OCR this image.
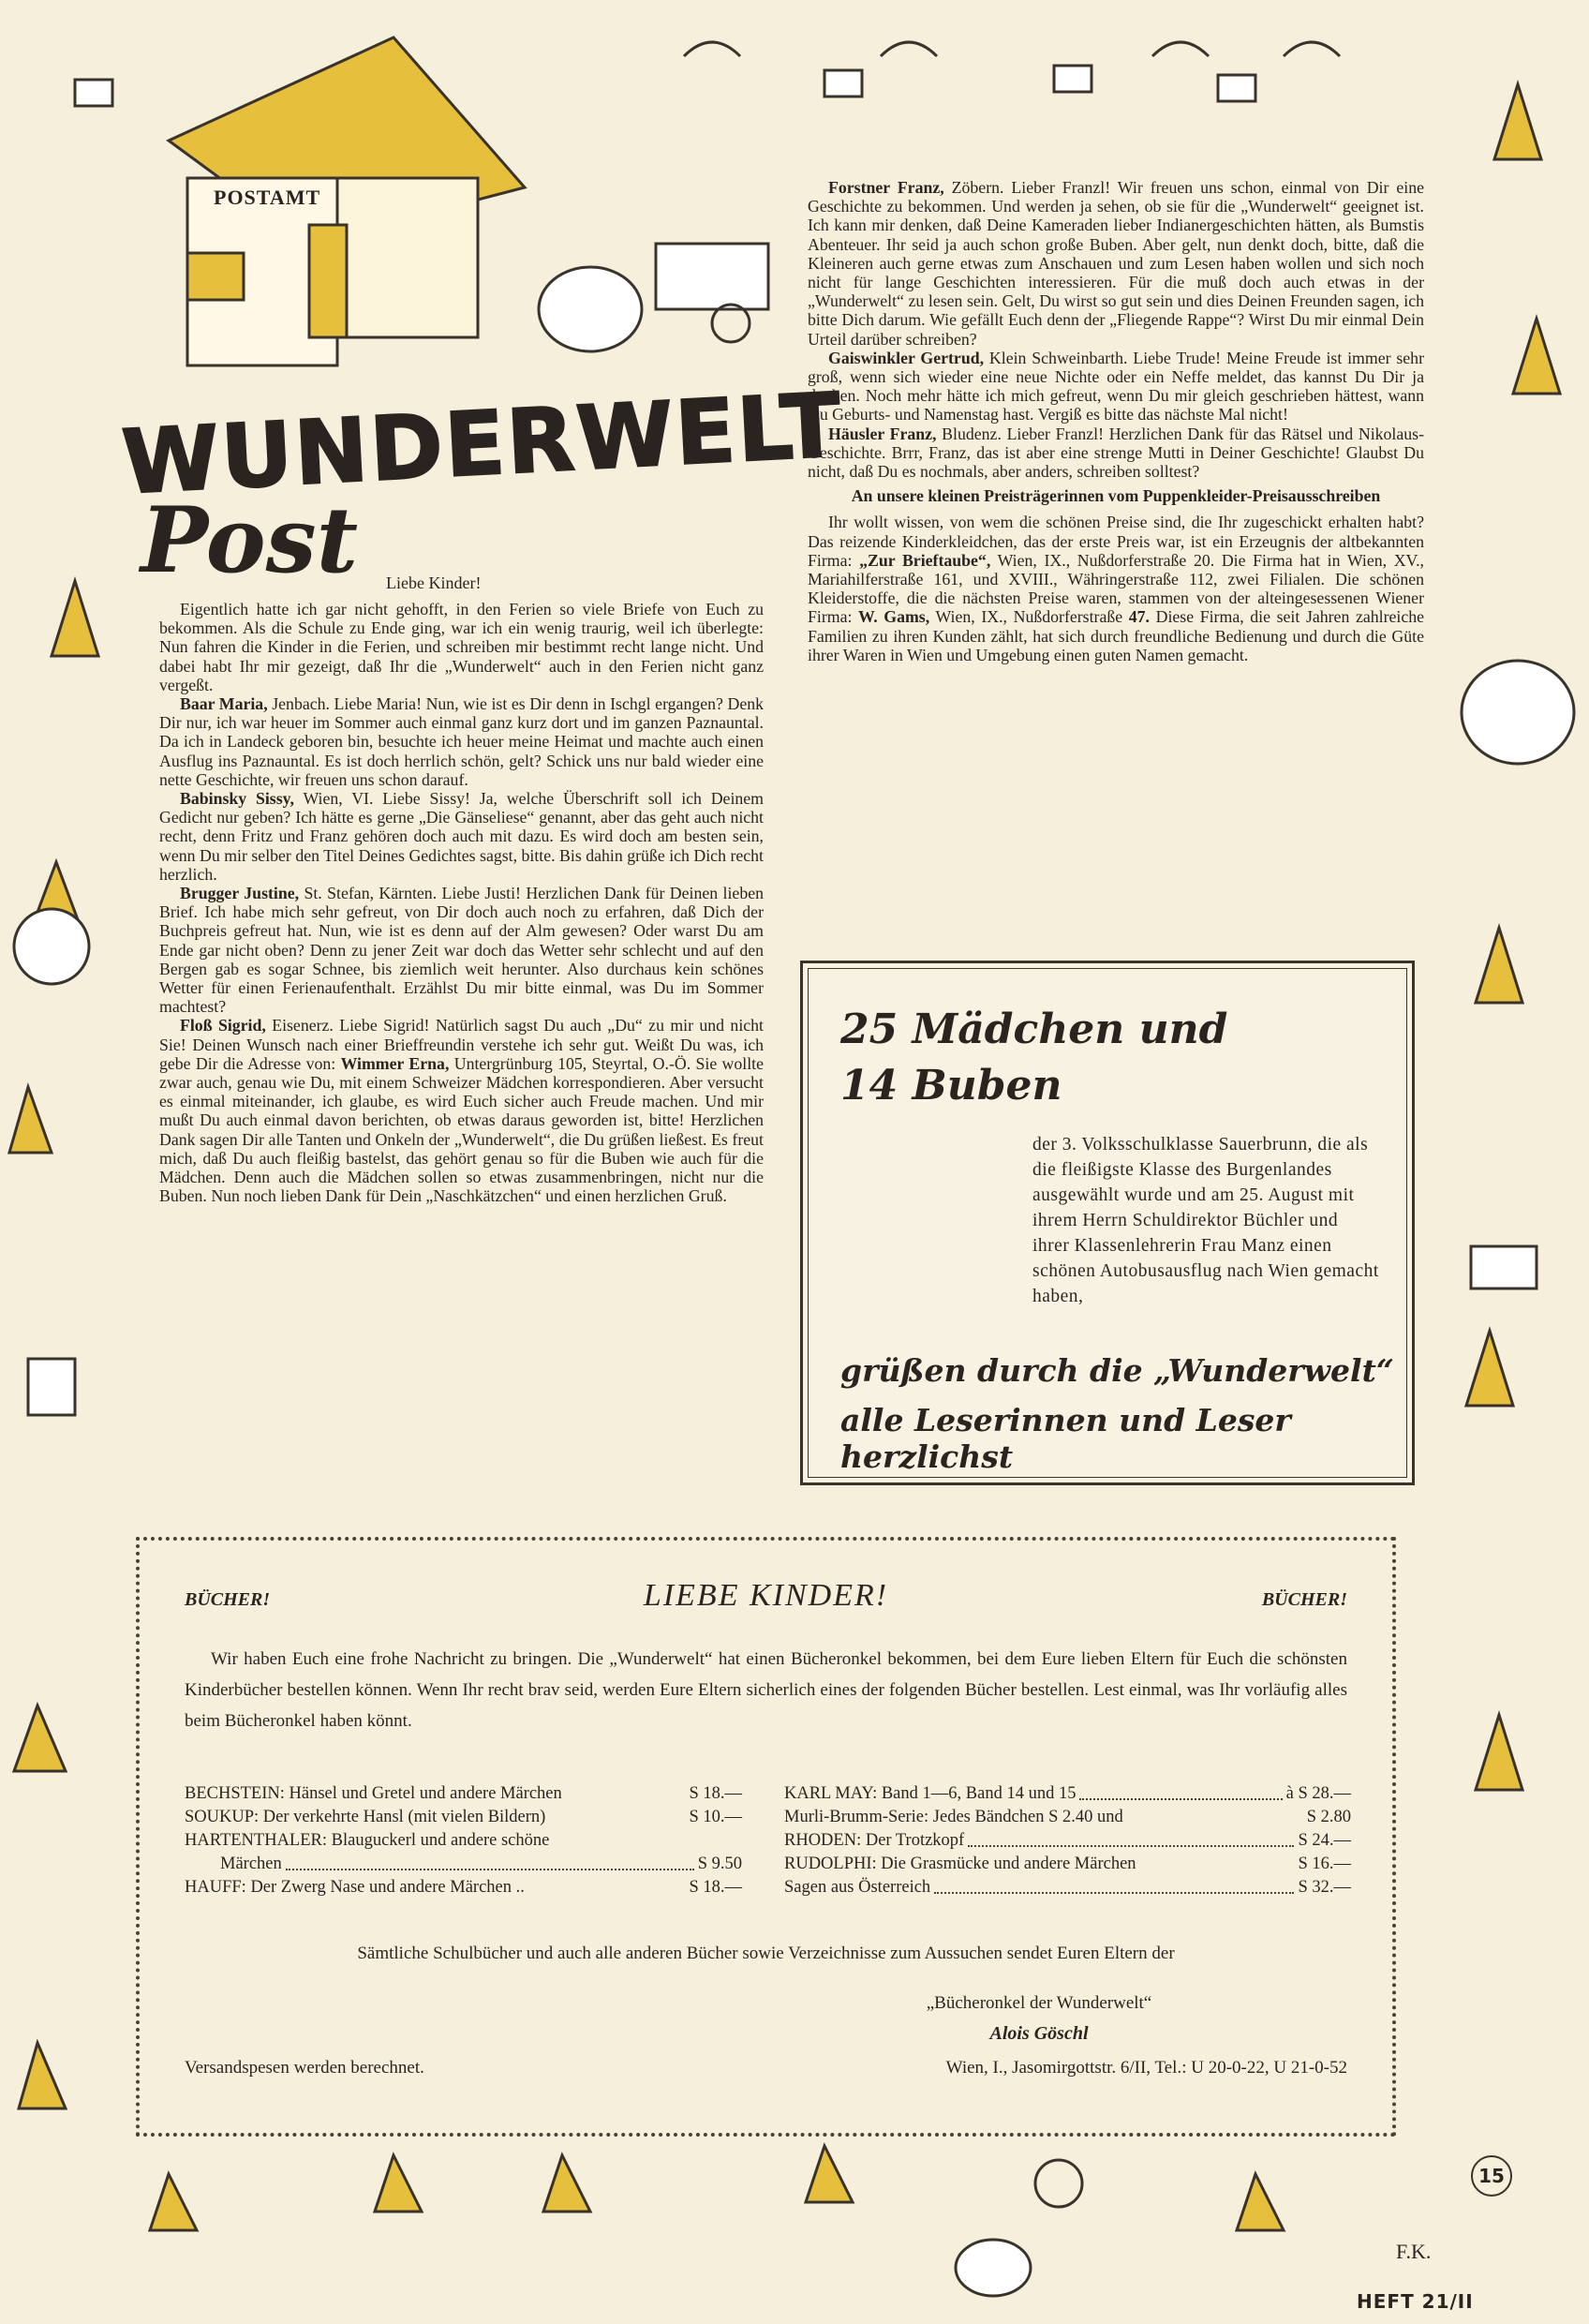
POSTAMT
WUNDERWELT
Post Liebe Kinder!

Eigentlich hatte ich gar nicht gehofft, in den Ferien so viele Briefe von Euch zu bekommen. Als die Schule zu Ende ging, war ich ein wenig traurig, weil ich überlegte: Nun fahren die Kinder in die Ferien, und schreiben mir bestimmt recht lange nicht. Und dabei habt Ihr mir gezeigt, daß Ihr die „Wunderwelt“ auch in den Ferien nicht ganz vergeßt.

Baar Maria, Jenbach. Liebe Maria! Nun, wie ist es Dir denn in Ischgl ergangen? Denk Dir nur, ich war heuer im Sommer auch einmal ganz kurz dort und im ganzen Paznauntal. Da ich in Landeck geboren bin, besuchte ich heuer meine Heimat und machte auch einen Ausflug ins Paznauntal. Es ist doch herrlich schön, gelt? Schick uns nur bald wieder eine nette Geschichte, wir freuen uns schon darauf.

Babinsky Sissy, Wien, VI. Liebe Sissy! Ja, welche Überschrift soll ich Deinem Gedicht nur geben? Ich hätte es gerne „Die Gänseliese“ genannt, aber das geht auch nicht recht, denn Fritz und Franz gehören doch auch mit dazu. Es wird doch am besten sein, wenn Du mir selber den Titel Deines Gedichtes sagst, bitte. Bis dahin grüße ich Dich recht herzlich.

Brugger Justine, St. Stefan, Kärnten. Liebe Justi! Herzlichen Dank für Deinen lieben Brief. Ich habe mich sehr gefreut, von Dir doch auch noch zu erfahren, daß Dich der Buchpreis gefreut hat. Nun, wie ist es denn auf der Alm gewesen? Oder warst Du am Ende gar nicht oben? Denn zu jener Zeit war doch das Wetter sehr schlecht und auf den Bergen gab es sogar Schnee, bis ziemlich weit herunter. Also durchaus kein schönes Wetter für einen Ferienaufenthalt. Erzählst Du mir bitte einmal, was Du im Sommer machtest?

Floß Sigrid, Eisenerz. Liebe Sigrid! Natürlich sagst Du auch „Du“ zu mir und nicht Sie! Deinen Wunsch nach einer Brieffreundin verstehe ich sehr gut. Weißt Du was, ich gebe Dir die Adresse von: Wimmer Erna, Untergrünburg 105, Steyrtal, O.-Ö. Sie wollte zwar auch, genau wie Du, mit einem Schweizer Mädchen korrespondieren. Aber versucht es einmal miteinander, ich glaube, es wird Euch sicher auch Freude machen. Und mir mußt Du auch einmal davon berichten, ob etwas daraus geworden ist, bitte! Herzlichen Dank sagen Dir alle Tanten und Onkeln der „Wunderwelt“, die Du grüßen ließest. Es freut mich, daß Du auch fleißig bastelst, das gehört genau so für die Buben wie auch für die Mädchen. Denn auch die Mädchen sollen so etwas zusammenbringen, nicht nur die Buben. Nun noch lieben Dank für Dein „Naschkätzchen“ und einen herzlichen Gruß.

Forstner Franz, Zöbern. Lieber Franzl! Wir freuen uns schon, einmal von Dir eine Geschichte zu bekommen. Und werden ja sehen, ob sie für die „Wunderwelt“ geeignet ist. Ich kann mir denken, daß Deine Kameraden lieber Indianergeschichten hätten, als Bumstis Abenteuer. Ihr seid ja auch schon große Buben. Aber gelt, nun denkt doch, bitte, daß die Kleineren auch gerne etwas zum Anschauen und zum Lesen haben wollen und sich noch nicht für lange Geschichten interessieren. Für die muß doch auch etwas in der „Wunderwelt“ zu lesen sein. Gelt, Du wirst so gut sein und dies Deinen Freunden sagen, ich bitte Dich darum. Wie gefällt Euch denn der „Fliegende Rappe“? Wirst Du mir einmal Dein Urteil darüber schreiben?

Gaiswinkler Gertrud, Klein Schweinbarth. Liebe Trude! Meine Freude ist immer sehr groß, wenn sich wieder eine neue Nichte oder ein Neffe meldet, das kannst Du Dir ja denken. Noch mehr hätte ich mich gefreut, wenn Du mir gleich geschrieben hättest, wann Du Geburts- und Namenstag hast. Vergiß es bitte das nächste Mal nicht!

Häusler Franz, Bludenz. Lieber Franzl! Herzlichen Dank für das Rätsel und Nikolaus-Geschichte. Brrr, Franz, das ist aber eine strenge Mutti in Deiner Geschichte! Glaubst Du nicht, daß Du es nochmals, aber anders, schreiben solltest?

An unsere kleinen Preisträgerinnen vom Puppenkleider-Preisausschreiben

Ihr wollt wissen, von wem die schönen Preise sind, die Ihr zugeschickt erhalten habt? Das reizende Kinderkleidchen, das der erste Preis war, ist ein Erzeugnis der altbekannten Firma: „Zur Brieftaube“, Wien, IX., Nußdorferstraße 20. Die Firma hat in Wien, XV., Mariahilferstraße 161, und XVIII., Währingerstraße 112, zwei Filialen. Die schönen Kleiderstoffe, die die nächsten Preise waren, stammen von der alteingesessenen Wiener Firma: W. Gams, Wien, IX., Nußdorferstraße 47. Diese Firma, die seit Jahren zahlreiche Familien zu ihren Kunden zählt, hat sich durch freundliche Bedienung und durch die Güte ihrer Waren in Wien und Umgebung einen guten Namen gemacht.

25 Mädchen und
14 Buben
der 3. Volksschulklasse Sauerbrunn, die als die fleißigste Klasse des Burgenlandes ausgewählt wurde und am 25. August mit ihrem Herrn Schuldirektor Büchler und ihrer Klassenlehrerin Frau Manz einen schönen Autobusausflug nach Wien gemacht haben,
grüßen durch die „Wunderwelt“
alle Leserinnen und Leser herzlichst
BÜCHER!	BÜCHER!
LIEBE KINDER!
Wir haben Euch eine frohe Nachricht zu bringen. Die „Wunderwelt“ hat einen Bücheronkel bekommen, bei dem Eure lieben Eltern für Euch die schönsten Kinderbücher bestellen können. Wenn Ihr recht brav seid, werden Eure Eltern sicherlich eines der folgenden Bücher bestellen. Lest einmal, was Ihr vorläufig alles beim Bücheronkel haben könnt.
BECHSTEIN: Hänsel und Gretel und andere Märchen	S 18.—
SOUKUP: Der verkehrte Hansl (mit vielen Bildern)	S 10.—
HARTENTHALER: Blauguckerl und andere schöne
Märchen	S 9.50
HAUFF: Der Zwerg Nase und andere Märchen ..	S 18.—
KARL MAY: Band 1—6, Band 14 und 15	à S 28.—
Murli-Brumm-Serie: Jedes Bändchen S 2.40 und	S 2.80
RHODEN: Der Trotzkopf	S 24.—
RUDOLPHI: Die Grasmücke und andere Märchen	S 16.—
Sagen aus Österreich	S 32.—
Sämtliche Schulbücher und auch alle anderen Bücher sowie Verzeichnisse zum Aussuchen sendet Euren Eltern der
„Bücheronkel der Wunderwelt“
Alois Göschl
Versandspesen werden berechnet.	Wien, I., Jasomirgottstr. 6/II, Tel.: U 20-0-22, U 21-0-52
15
F.K.
HEFT 21/II
